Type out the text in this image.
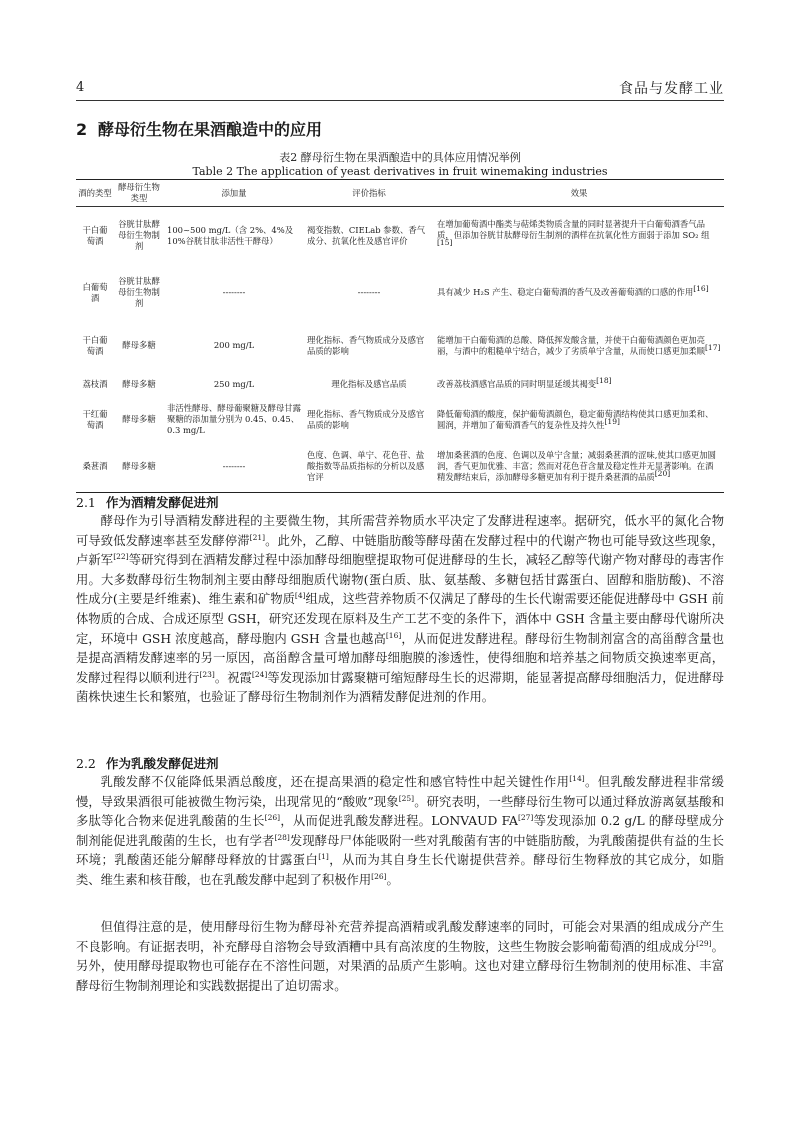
4	食品与发酵工业
2 酵母衍生物在果酒酿造中的应用
表2 酵母衍生物在果酒酿造中的具体应用情况举例
Table 2 The application of yeast derivatives in fruit winemaking industries
酒的类型	酵母衍生物类型	添加量	评价指标	效果
干白葡萄酒	谷胱甘肽酵母衍生物制剂	100~500 mg/L（含 2%、4%及 10%谷胱甘肽非活性干酵母）	褐变指数、CIELab 参数、香气成分、抗氧化性及感官评价	在增加葡萄酒中酯类与萜烯类物质含量的同时显著提升干白葡萄酒香气品质，但添加谷胱甘肽酵母衍生制剂的酒样在抗氧化性方面弱于添加 SO₂ 组[15]
白葡萄酒	谷胱甘肽酵母衍生物制剂	--------	--------	具有减少 H₂S 产生、稳定白葡萄酒的香气及改善葡萄酒的口感的作用[16]
干白葡萄酒	酵母多糖	200 mg/L	理化指标、香气物质成分及感官品质的影响	能增加干白葡萄酒的总酸、降低挥发酸含量，并使干白葡萄酒颜色更加亮丽，与酒中的粗糙单宁结合，减少了劣质单宁含量，从而使口感更加柔顺[17]
荔枝酒	酵母多糖	250 mg/L	理化指标及感官品质	改善荔枝酒感官品质的同时明显延缓其褐变[18]
干红葡萄酒	酵母多糖	非活性酵母、酵母葡聚糖及酵母甘露聚糖的添加量分别为 0.45、0.45、0.3 mg/L	理化指标、香气物质成分及感官品质的影响	降低葡萄酒的酸度，保护葡萄酒颜色，稳定葡萄酒结构使其口感更加柔和、圆润，并增加了葡萄酒香气的复杂性及持久性[19]
桑葚酒	酵母多糖	--------	色度、色调、单宁、花色苷、盐酸指数等品质指标的分析以及感官评	增加桑葚酒的色度、色调以及单宁含量；减弱桑葚酒的涩味,使其口感更加圆润，香气更加优雅、丰富；然而对花色苷含量及稳定性并无显著影响。在酒精发酵结束后，添加酵母多糖更加有利于提升桑葚酒的品质[20]
2.1 作为酒精发酵促进剂

酵母作为引导酒精发酵进程的主要微生物，其所需营养物质水平决定了发酵进程速率。据研究，低水平的氮化合物可导致低发酵速率甚至发酵停滞[21]。此外，乙醇、中链脂肪酸等酵母菌在发酵过程中的代谢产物也可能导致这些现象，卢新军[22]等研究得到在酒精发酵过程中添加酵母细胞壁提取物可促进酵母的生长，减轻乙醇等代谢产物对酵母的毒害作用。大多数酵母衍生物制剂主要由酵母细胞质代谢物(蛋白质、肽、氨基酸、多糖包括甘露蛋白、固醇和脂肪酸)、不溶性成分(主要是纤维素)、维生素和矿物质[4]组成，这些营养物质不仅满足了酵母的生长代谢需要还能促进酵母中 GSH 前体物质的合成、合成还原型 GSH，研究还发现在原料及生产工艺不变的条件下，酒体中 GSH 含量主要由酵母代谢所决定，环境中 GSH 浓度越高，酵母胞内 GSH 含量也越高[16]，从而促进发酵进程。酵母衍生物制剂富含的高甾醇含量也是提高酒精发酵速率的另一原因，高甾醇含量可增加酵母细胞膜的渗透性，使得细胞和培养基之间物质交换速率更高，发酵过程得以顺利进行[23]。祝霞[24]等发现添加甘露聚糖可缩短酵母生长的迟滞期，能显著提高酵母细胞活力，促进酵母菌株快速生长和繁殖，也验证了酵母衍生物制剂作为酒精发酵促进剂的作用。

2.2 作为乳酸发酵促进剂

乳酸发酵不仅能降低果酒总酸度，还在提高果酒的稳定性和感官特性中起关键性作用[14]。但乳酸发酵进程非常缓慢，导致果酒很可能被微生物污染，出现常见的“酸败”现象[25]。研究表明，一些酵母衍生物可以通过释放游离氨基酸和多肽等化合物来促进乳酸菌的生长[26]，从而促进乳酸发酵进程。LONVAUD FA[27]等发现添加 0.2 g/L 的酵母壁成分制剂能促进乳酸菌的生长，也有学者[28]发现酵母尸体能吸附一些对乳酸菌有害的中链脂肪酸，为乳酸菌提供有益的生长环境；乳酸菌还能分解酵母释放的甘露蛋白[1]，从而为其自身生长代谢提供营养。酵母衍生物释放的其它成分，如脂类、维生素和核苷酸，也在乳酸发酵中起到了积极作用[26]。

但值得注意的是，使用酵母衍生物为酵母补充营养提高酒精或乳酸发酵速率的同时，可能会对果酒的组成成分产生不良影响。有证据表明，补充酵母自溶物会导致酒糟中具有高浓度的生物胺，这些生物胺会影响葡萄酒的组成成分[29]。另外，使用酵母提取物也可能存在不溶性问题，对果酒的品质产生影响。这也对建立酵母衍生物制剂的使用标准、丰富酵母衍生物制剂理论和实践数据提出了迫切需求。
